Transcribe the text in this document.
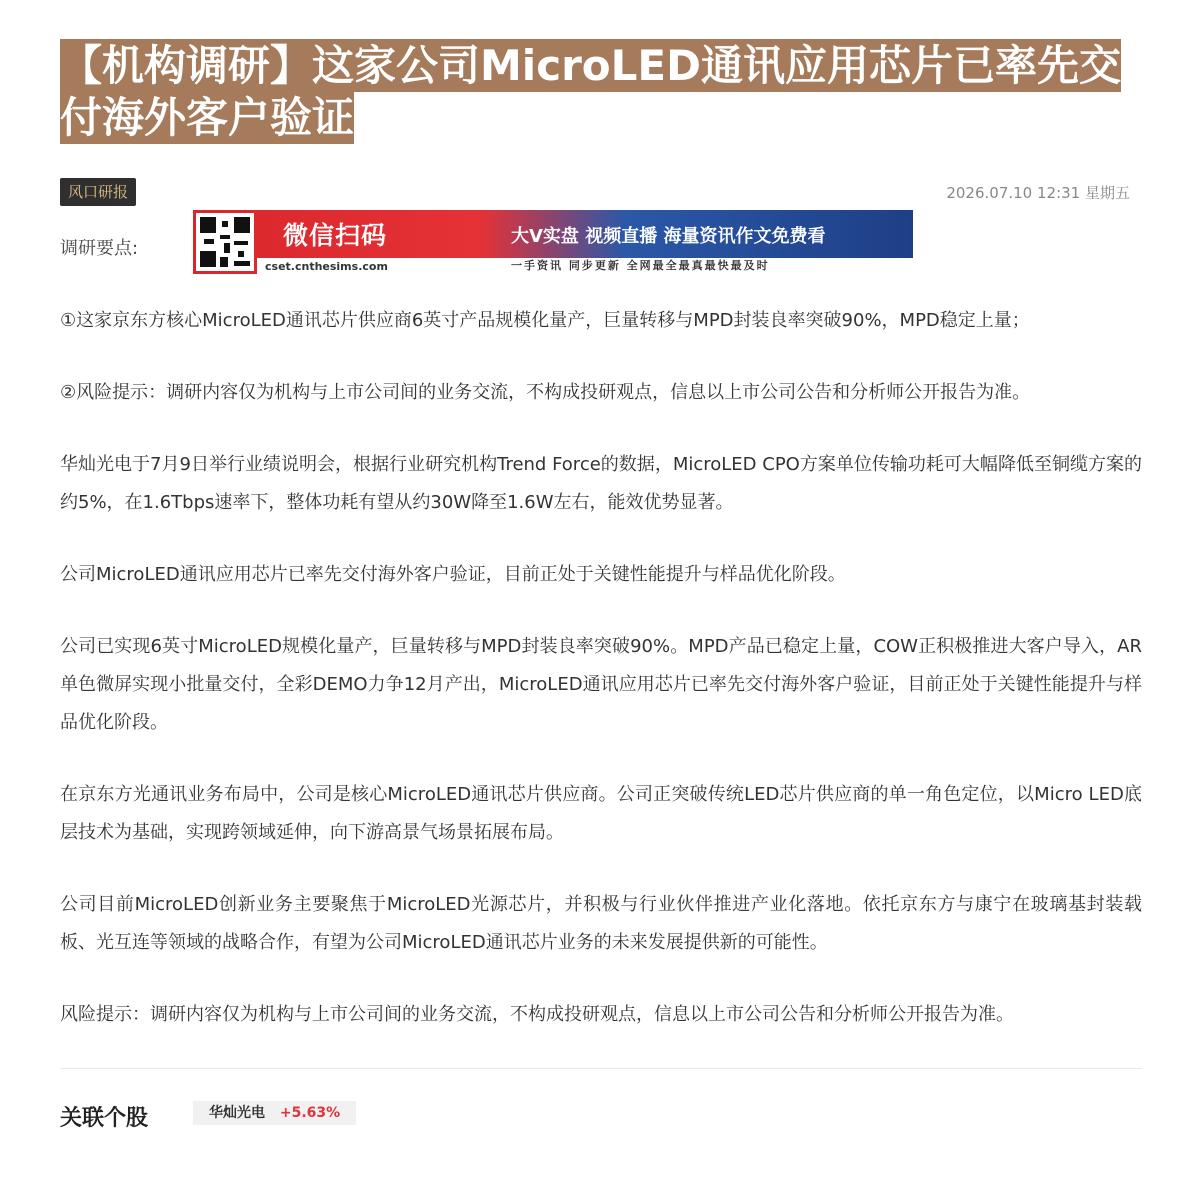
【机构调研】这家公司MicroLED通讯应用芯片已率先交付海外客户验证
风口研报	2026.07.10 12:31 星期五
调研要点:	微信扫码	大V实盘 视频直播 海量资讯作文免费看
cset.cnthesims.com	一手资讯 同步更新 全网最全最真最快最及时

①这家京东方核心MicroLED通讯芯片供应商6英寸产品规模化量产，巨量转移与MPD封装良率突破90%，MPD稳定上量；

②风险提示：调研内容仅为机构与上市公司间的业务交流，不构成投研观点，信息以上市公司公告和分析师公开报告为准。

华灿光电于7月9日举行业绩说明会，根据行业研究机构Trend Force的数据，MicroLED CPO方案单位传输功耗可大幅降低至铜缆方案的约5%，在1.6Tbps速率下，整体功耗有望从约30W降至1.6W左右，能效优势显著。

公司MicroLED通讯应用芯片已率先交付海外客户验证，目前正处于关键性能提升与样品优化阶段。

公司已实现6英寸MicroLED规模化量产，巨量转移与MPD封装良率突破90%。MPD产品已稳定上量，COW正积极推进大客户导入，AR单色微屏实现小批量交付，全彩DEMO力争12月产出，MicroLED通讯应用芯片已率先交付海外客户验证，目前正处于关键性能提升与样品优化阶段。

在京东方光通讯业务布局中，公司是核心MicroLED通讯芯片供应商。公司正突破传统LED芯片供应商的单一角色定位，以Micro LED底层技术为基础，实现跨领域延伸，向下游高景气场景拓展布局。

公司目前MicroLED创新业务主要聚焦于MicroLED光源芯片，并积极与行业伙伴推进产业化落地。依托京东方与康宁在玻璃基封装载板、光互连等领域的战略合作，有望为公司MicroLED通讯芯片业务的未来发展提供新的可能性。

风险提示：调研内容仅为机构与上市公司间的业务交流，不构成投研观点，信息以上市公司公告和分析师公开报告为准。

关联个股	华灿光电 +5.63%
